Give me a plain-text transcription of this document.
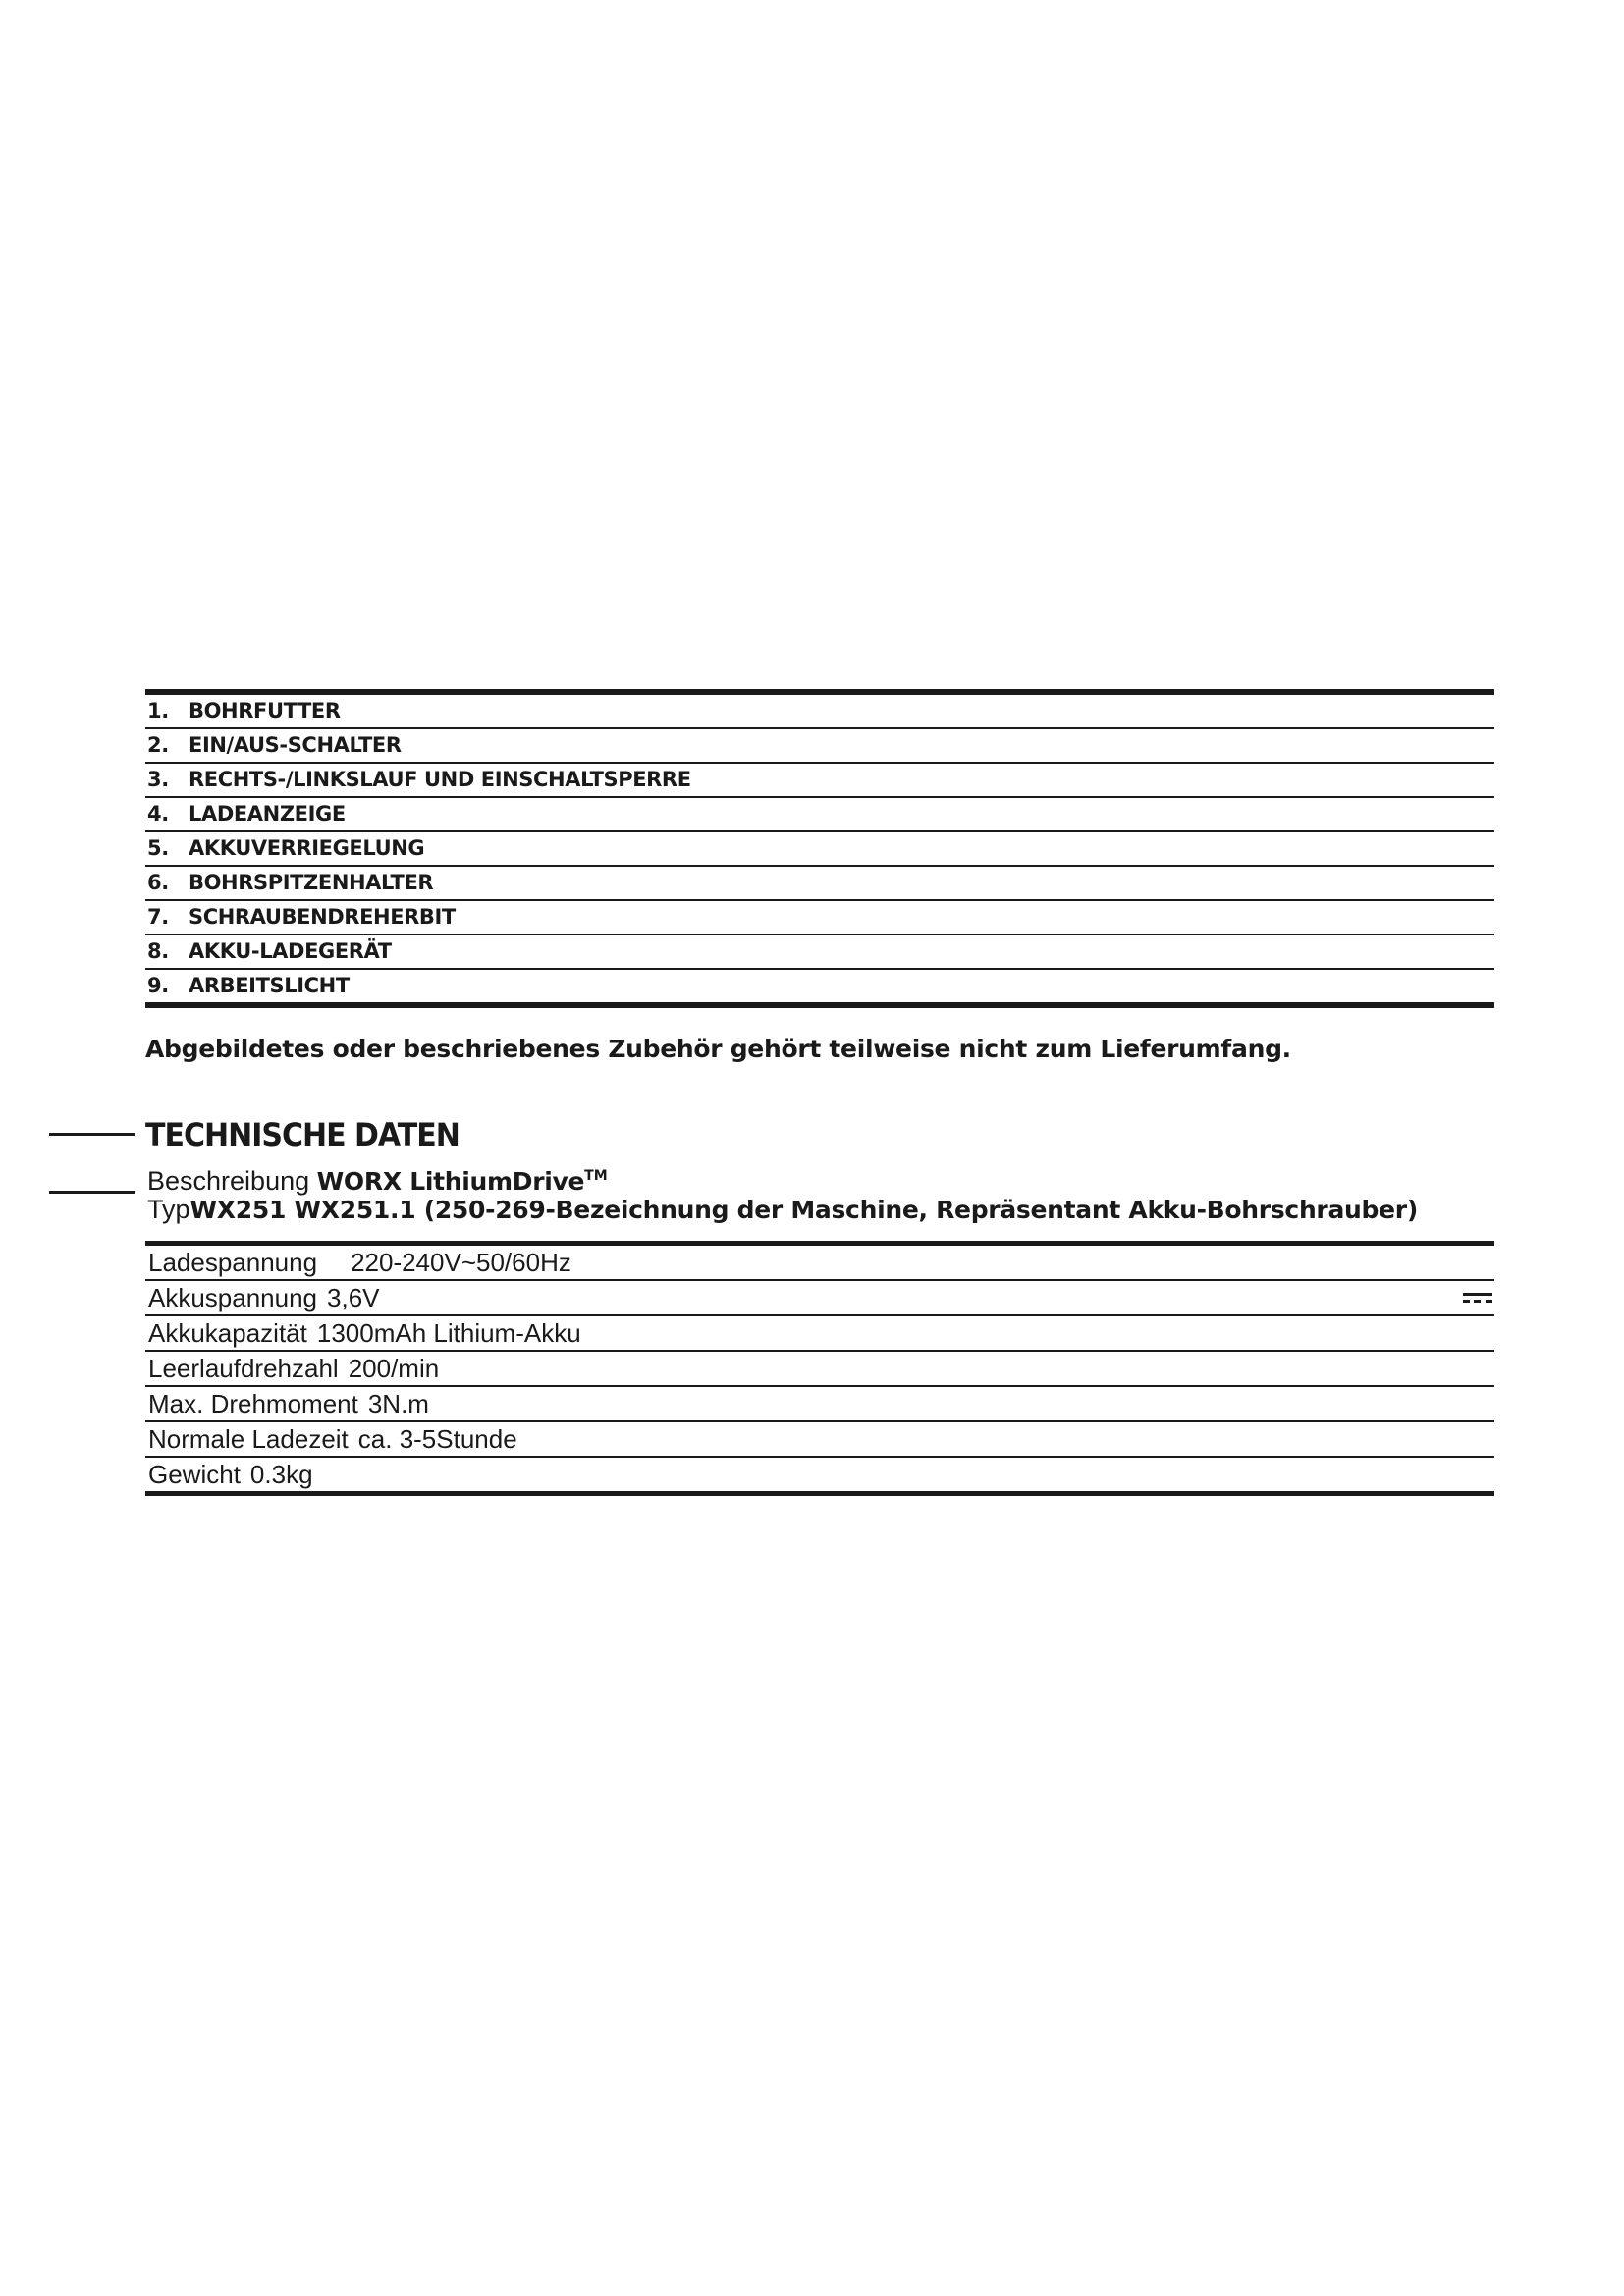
1. BOHRFUTTER
2. EIN/AUS-SCHALTER
3. RECHTS-/LINKSLAUF UND EINSCHALTSPERRE
4. LADEANZEIGE
5. AKKUVERRIEGELUNG
6. BOHRSPITZENHALTER
7. SCHRAUBENDREHERBIT
8. AKKU-LADEGERÄT
9. ARBEITSLICHT
Abgebildetes oder beschriebenes Zubehör gehört teilweise nicht zum Lieferumfang.
TECHNISCHE DATEN
Beschreibung WORX LithiumDrive™
TypWX251 WX251.1 (250-269-Bezeichnung der Maschine, Repräsentant Akku-Bohrschrauber)
Ladespannung 220-240V~50/60Hz
Akkuspannung 3,6V
Akkukapazität 1300mAh Lithium-Akku
Leerlaufdrehzahl 200/min
Max. Drehmoment 3N.m
Normale Ladezeit ca. 3-5Stunde
Gewicht 0.3kg
